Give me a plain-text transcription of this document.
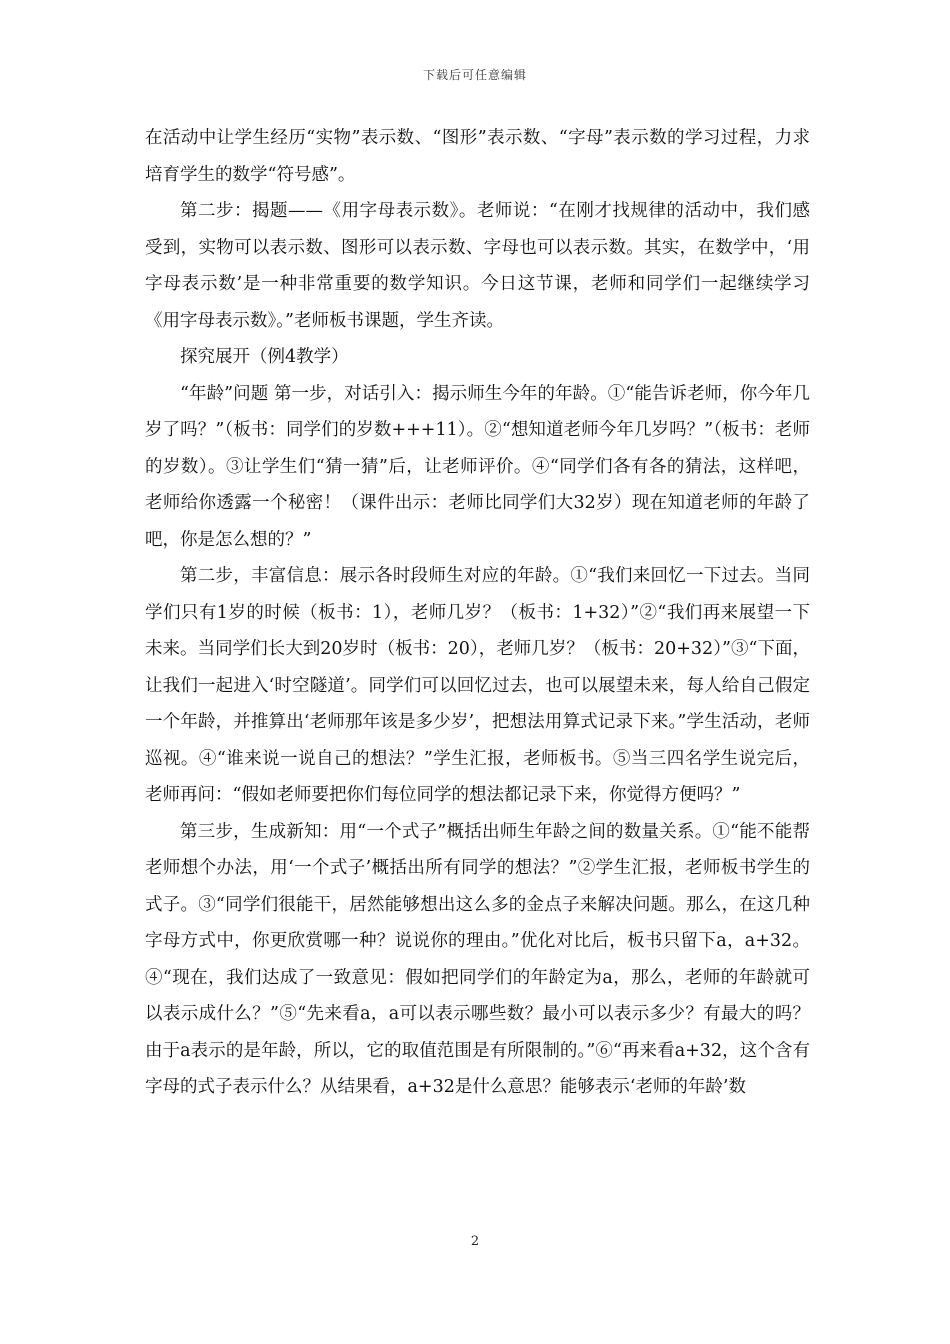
下载后可任意编辑

在活动中让学生经历“实物”表示数、“图形”表示数、“字母”表示数的学习过程，力求培育学生的数学“符号感”。

第二步：揭题——《用字母表示数》。老师说：“在刚才找规律的活动中，我们感受到，实物可以表示数、图形可以表示数、字母也可以表示数。其实，在数学中，‘用字母表示数’是一种非常重要的数学知识。今日这节课，老师和同学们一起继续学习《用字母表示数》。”老师板书课题，学生齐读。

探究展开（例4教学）

“年龄”问题 第一步，对话引入：揭示师生今年的年龄。①“能告诉老师，你今年几岁了吗？”（板书：同学们的岁数+++11）。②“想知道老师今年几岁吗？”（板书：老师的岁数）。③让学生们“猜一猜”后，让老师评价。④“同学们各有各的猜法，这样吧，老师给你透露一个秘密！（课件出示：老师比同学们大32岁）现在知道老师的年龄了吧，你是怎么想的？”

第二步，丰富信息：展示各时段师生对应的年龄。①“我们来回忆一下过去。当同学们只有1岁的时候（板书：1），老师几岁？（板书：1+32）”②“我们再来展望一下未来。当同学们长大到20岁时（板书：20），老师几岁？（板书：20+32）”③“下面，让我们一起进入‘时空隧道’。同学们可以回忆过去，也可以展望未来，每人给自己假定一个年龄，并推算出‘老师那年该是多少岁’，把想法用算式记录下来。”学生活动，老师巡视。④“谁来说一说自己的想法？”学生汇报，老师板书。⑤当三四名学生说完后，老师再问：“假如老师要把你们每位同学的想法都记录下来，你觉得方便吗？”

第三步，生成新知：用“一个式子”概括出师生年龄之间的数量关系。①“能不能帮老师想个办法，用‘一个式子’概括出所有同学的想法？”②学生汇报，老师板书学生的式子。③“同学们很能干，居然能够想出这么多的金点子来解决问题。那么，在这几种字母方式中，你更欣赏哪一种？说说你的理由。”优化对比后，板书只留下a，a+32。④“现在，我们达成了一致意见：假如把同学们的年龄定为a，那么，老师的年龄就可以表示成什么？”⑤“先来看a，a可以表示哪些数？最小可以表示多少？有最大的吗？由于a表示的是年龄，所以，它的取值范围是有所限制的。”⑥“再来看a+32，这个含有字母的式子表示什么？从结果看，a+32是什么意思？能够表示‘老师的年龄’数

2
